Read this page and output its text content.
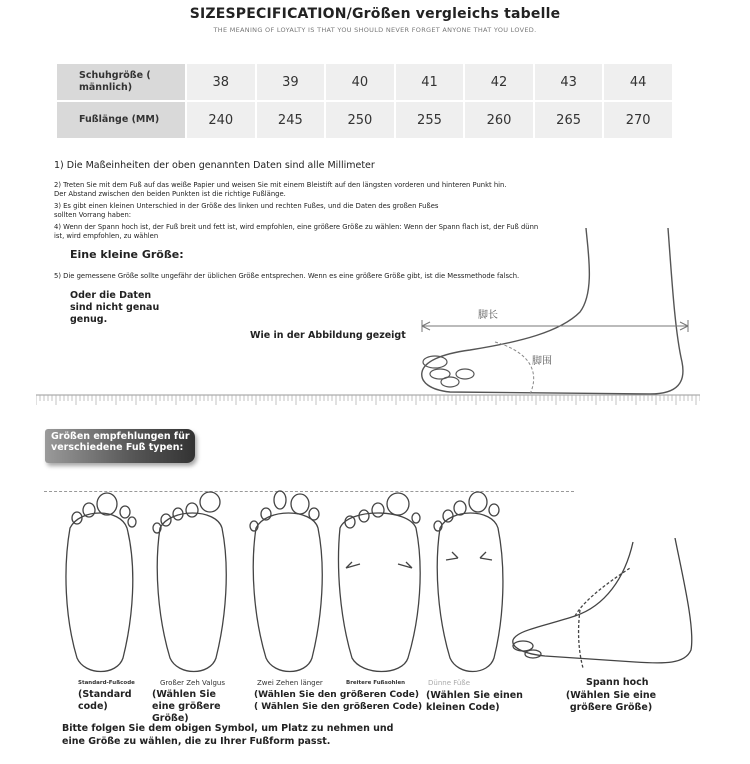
SIZESPECIFICATION/Größen vergleichs tabelle
THE MEANING OF LOYALTY IS THAT YOU SHOULD NEVER FORGET ANYONE THAT YOU LOVED.
Schuhgröße ( männlich)	38	39	40	41	42	43	44
Fußlänge (MM)	240	245	250	255	260	265	270
1) Die Maßeinheiten der oben genannten Daten sind alle Millimeter
2) Treten Sie mit dem Fuß auf das weiße Papier und weisen Sie mit einem Bleistift auf den längsten vorderen und hinteren Punkt hin.
Der Abstand zwischen den beiden Punkten ist die richtige Fußlänge.
3) Es gibt einen kleinen Unterschied in der Größe des linken und rechten Fußes, und die Daten des großen Fußes
sollten Vorrang haben:
4) Wenn der Spann hoch ist, der Fuß breit und fett ist, wird empfohlen, eine größere Größe zu wählen: Wenn der Spann flach ist, der Fuß dünn
ist, wird empfohlen, zu wählen
Eine kleine Größe:
5) Die gemessene Größe sollte ungefähr der üblichen Größe entsprechen. Wenn es eine größere Größe gibt, ist die Messmethode falsch.
Oder die Daten sind nicht genau genug.
Wie in der Abbildung gezeigt
脚长
脚围
Größen empfehlungen für verschiedene Fuß typen:
Standard-Fußcode
(Standard code)
Großer Zeh Valgus
(Wählen Sie eine größere Größe)
Zwei Zehen länger
(Wählen Sie den größeren Code) ( Wählen Sie den größeren Code)
Breitere Fußsohlen	Dünne Füße
(Wählen Sie einen kleinen Code)
Spann hoch
(Wählen Sie eine größere Größe)
Bitte folgen Sie dem obigen Symbol, um Platz zu nehmen und eine Größe zu wählen, die zu Ihrer Fußform passt.
